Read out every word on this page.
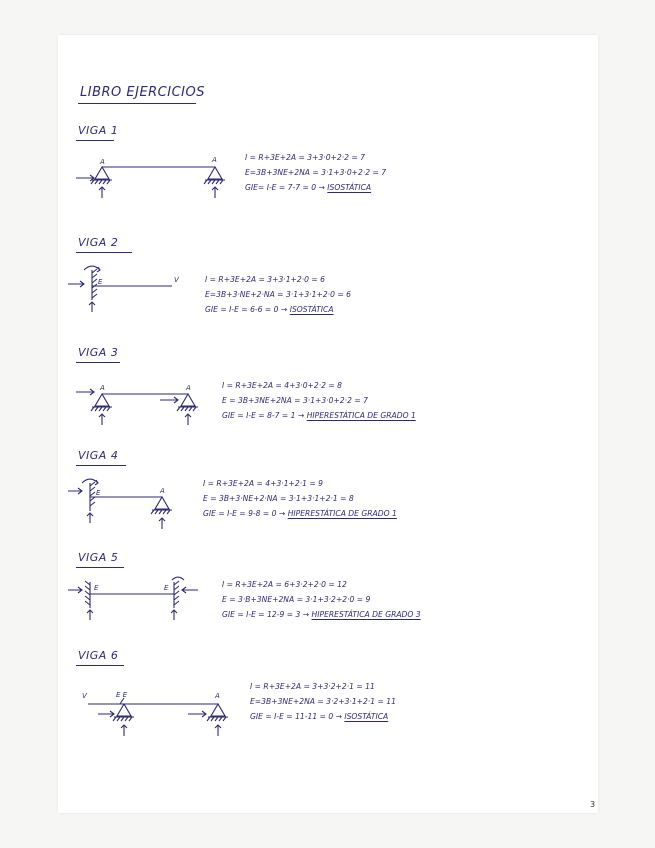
LIBRO EJERCICIOS
VIGA 1
A	A	I = R+3E+2A = 3+3·0+2·2 = 7
E=3B+3NE+2NA = 3·1+3·0+2·2 = 7
GIE= I-E = 7-7 = 0 → ISOSTÁTICA
VIGA 2
E	V	I = R+3E+2A = 3+3·1+2·0 = 6
E=3B+3·NE+2·NA = 3·1+3·1+2·0 = 6
GIE = I-E = 6-6 = 0 → ISOSTÁTICA
VIGA 3
A	A	I = R+3E+2A = 4+3·0+2·2 = 8
E = 3B+3NE+2NA = 3·1+3·0+2·2 = 7
GIE = I-E = 8-7 = 1 → HIPERESTÁTICA DE GRADO 1
VIGA 4
E	A
I = R+3E+2A = 4+3·1+2·1 = 9
E = 3B+3·NE+2·NA = 3·1+3·1+2·1 = 8
GIE = I-E = 9-8 = 0 → HIPERESTÁTICA DE GRADO 1
VIGA 5
E	E	I = R+3E+2A = 6+3·2+2·0 = 12
E = 3·B+3NE+2NA = 3·1+3·2+2·0 = 9
GIE = I-E = 12-9 = 3 → HIPERESTÁTICA DE GRADO 3
VIGA 6
V	E E	A
I = R+3E+2A = 3+3·2+2·1 = 11
E=3B+3NE+2NA = 3·2+3·1+2·1 = 11
GIE = I-E = 11-11 = 0 → ISOSTÁTICA
3
